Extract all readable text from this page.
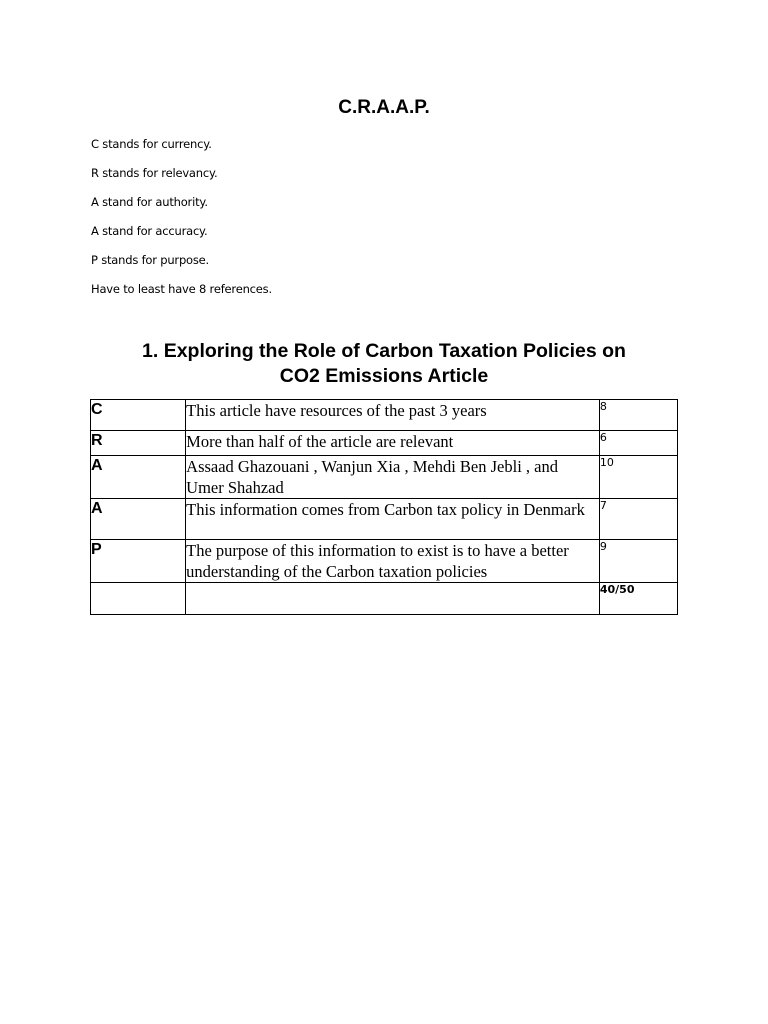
C.R.A.A.P.
C stands for currency.
R stands for relevancy.
A stand for authority.
A stand for accuracy.
P stands for purpose.
Have to least have 8 references.
1. Exploring the Role of Carbon Taxation Policies on
CO2 Emissions Article
C	This article have resources of the past 3 years	8
R	More than half of the article are relevant	6
A	Assaad Ghazouani , Wanjun Xia , Mehdi Ben Jebli , and Umer Shahzad	10
A	This information comes from Carbon tax policy in Denmark	7
P	The purpose of this information to exist is to have a better understanding of the Carbon taxation policies	9
		40/50
